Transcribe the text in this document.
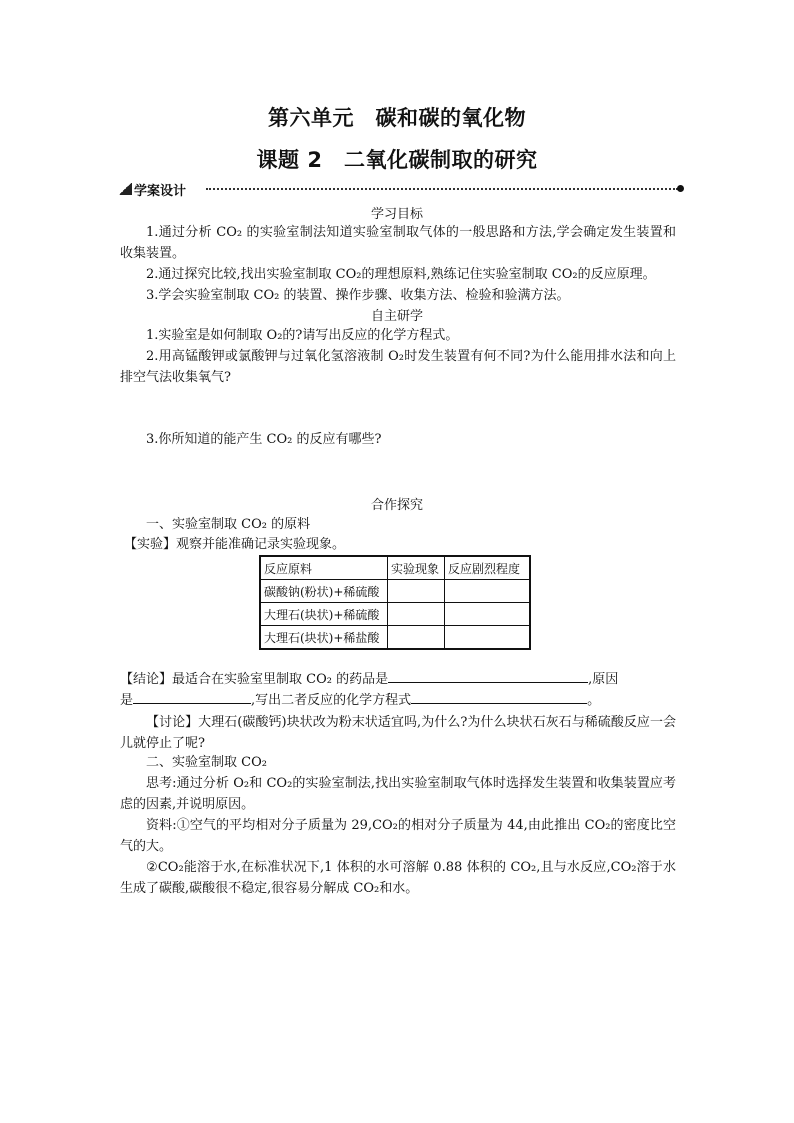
第六单元　碳和碳的氧化物
课题 2　二氧化碳制取的研究
学案设计
学习目标
1.通过分析 CO₂ 的实验室制法知道实验室制取气体的一般思路和方法,学会确定发生装置和收集装置。
2.通过探究比较,找出实验室制取 CO₂的理想原料,熟练记住实验室制取 CO₂的反应原理。
3.学会实验室制取 CO₂ 的装置、操作步骤、收集方法、检验和验满方法。
自主研学
1.实验室是如何制取 O₂的?请写出反应的化学方程式。
2.用高锰酸钾或氯酸钾与过氧化氢溶液制 O₂时发生装置有何不同?为什么能用排水法和向上排空气法收集氧气?
3.你所知道的能产生 CO₂ 的反应有哪些?
合作探究
一、实验室制取 CO₂ 的原料
【实验】观察并能准确记录实验现象。
反应原料	实验现象	反应剧烈程度
碳酸钠(粉状)+稀硫酸		
大理石(块状)+稀硫酸		
大理石(块状)+稀盐酸		
【结论】最适合在实验室里制取 CO₂ 的药品是	,原因
是	,写出二者反应的化学方程式	。
【讨论】大理石(碳酸钙)块状改为粉末状适宜吗,为什么?为什么块状石灰石与稀硫酸反应一会儿就停止了呢?
二、实验室制取 CO₂
思考:通过分析 O₂和 CO₂的实验室制法,找出实验室制取气体时选择发生装置和收集装置应考虑的因素,并说明原因。
资料:①空气的平均相对分子质量为 29,CO₂的相对分子质量为 44,由此推出 CO₂的密度比空气的大。
②CO₂能溶于水,在标准状况下,1 体积的水可溶解 0.88 体积的 CO₂,且与水反应,CO₂溶于水生成了碳酸,碳酸很不稳定,很容易分解成 CO₂和水。
